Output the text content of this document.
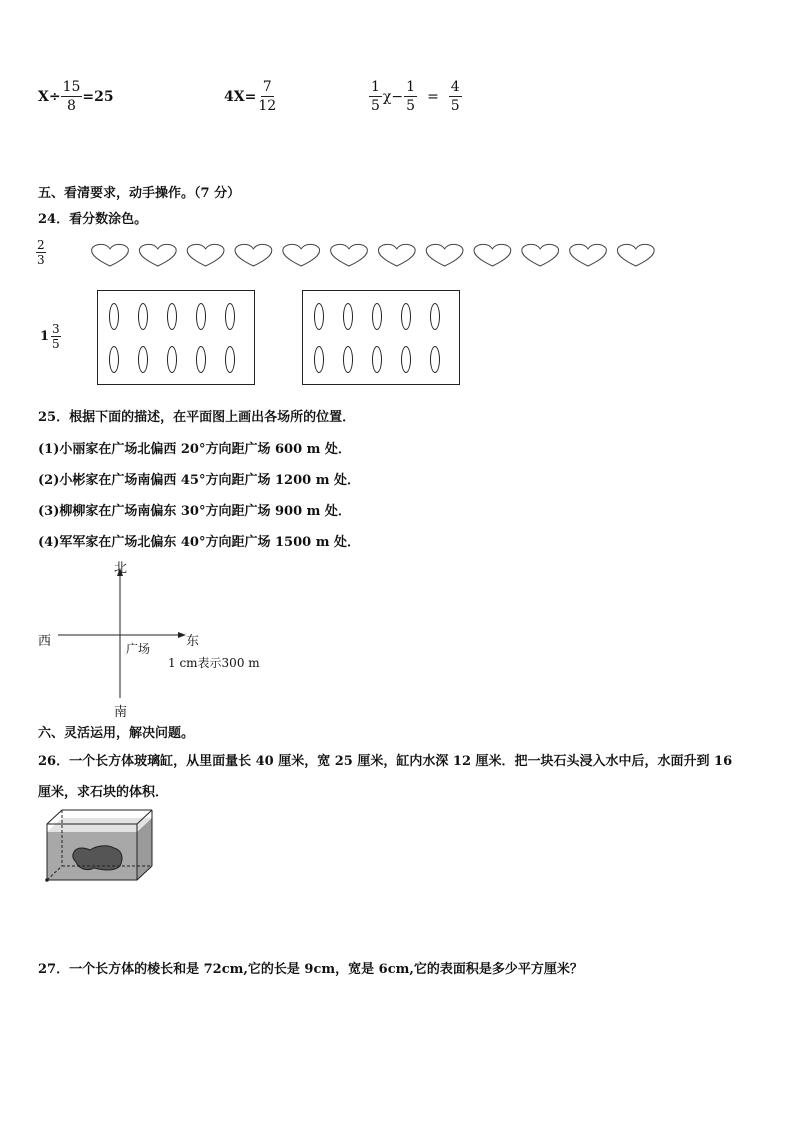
$X\div \frac{15}{8} =25$	$4X= \frac{7}{12}$	$\frac{1}{5} \chi- \frac{1}{5} = \frac{4}{5}$
五、看清要求，动手操作。（7 分）
24．看分数涂色。
$\frac{2}{3}$
$1 \frac{3}{5}$
25．根据下面的描述，在平面图上画出各场所的位置．
(1)小丽家在广场北偏西 20°方向距广场 600 m 处．
(2)小彬家在广场南偏西 45°方向距广场 1200 m 处．
(3)柳柳家在广场南偏东 30°方向距广场 900 m 处．
(4)军军家在广场北偏东 40°方向距广场 1500 m 处．
北
南
西	东
广场
1 cm表示300 m
六、灵活运用，解决问题。
26．一个长方体玻璃缸，从里面量长 40 厘米，宽 25 厘米，缸内水深 12 厘米．把一块石头浸入水中后，水面升到 16
厘米，求石块的体积．
27．一个长方体的棱长和是 72cm,它的长是 9cm，宽是 6cm,它的表面积是多少平方厘米？
